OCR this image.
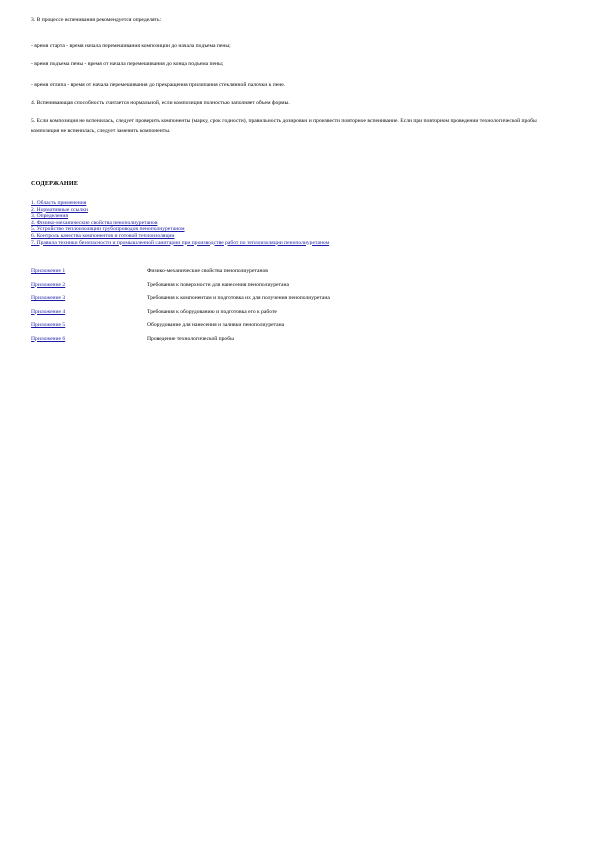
3. В процессе вспенивания рекомендуется определять:
- время старта - время начала перемешивания композиции до начала подъема пены;
- время подъема пены - время от начала перемешивания до конца подъема пены;
- время отлипа - время от начала перемешивания до прекращения прилипания стеклянной палочки к пене.
4. Вспенивающая способность считается нормальной, если композиция полностью заполняет объем формы.
5. Если композиция не вспенилась, следует проверить компоненты (марку, срок годности), правильность дозировки и произвести повторное вспенивание. Если при повторном проведении технологической пробы композиция не вспенилась, следует заменить компоненты.
СОДЕРЖАНИЕ
1. Область применения
2. Нормативные ссылки
3. Определения
4. Физико-механические свойства пенополиуретанов
5. Устройство теплоизоляции трубопроводов пенополиуретаном
6. Контроль качества компонентов и готовой теплоизоляции
7. Правила техники безопасности и промышленной санитарии при производстве работ по теплоизоляции пенополиуретаном
Приложение 1	Физико-механические свойства пенополиуретанов
Приложение 2	Требования к поверхности для нанесения пенополиуретана
Приложение 3	Требования к компонентам и подготовка их для получения пенополиуретана
Приложение 4	Требования к оборудованию и подготовка его к работе
Приложение 5	Оборудование для нанесения и заливки пенополиуретана
Приложение 6	Проведение технологической пробы
